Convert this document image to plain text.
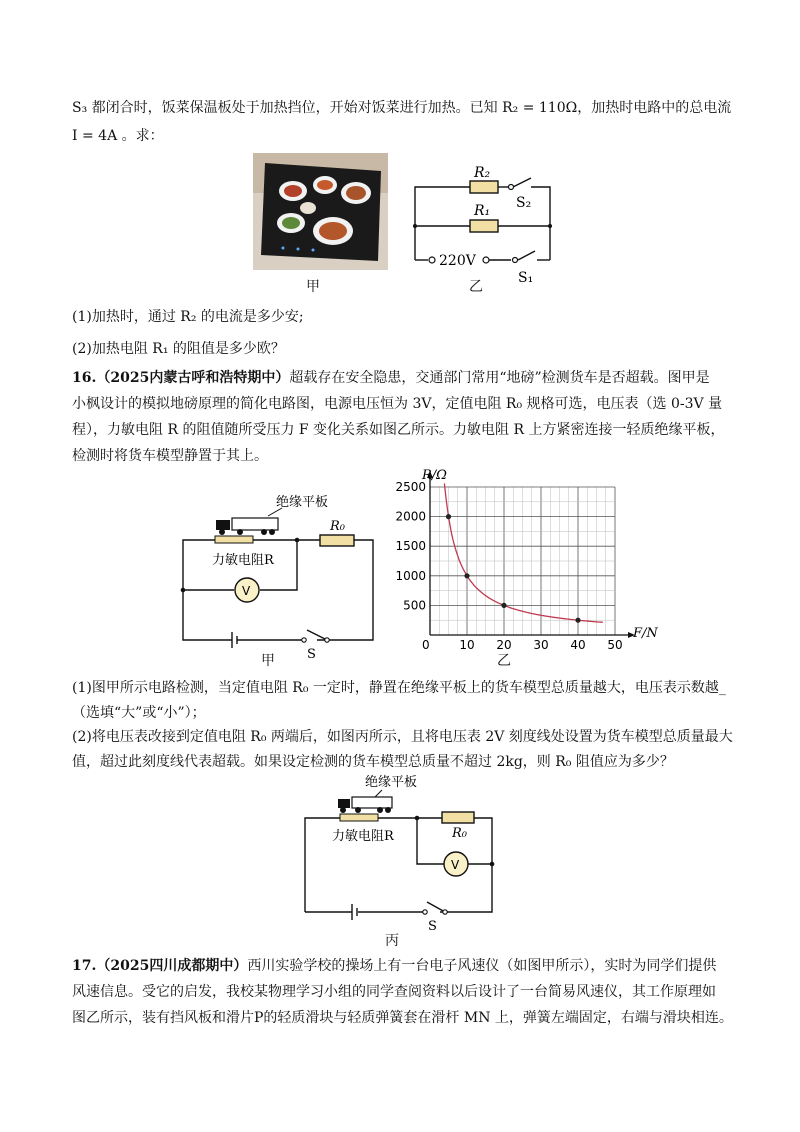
S₃ 都闭合时，饭菜保温板处于加热挡位，开始对饭菜进行加热。已知 R₂ = 110Ω，加热时电路中的总电流
I = 4A 。求：
甲
R₂
R₁ S₂
220V
S₁
乙
(1)加热时，通过 R₂ 的电流是多少安;
(2)加热电阻 R₁ 的阻值是多少欧？
16.（2025内蒙古呼和浩特期中）超载存在安全隐患，交通部门常用“地磅”检测货车是否超载。图甲是
小枫设计的模拟地磅原理的简化电路图，电源电压恒为 3V，定值电阻 R₀ 规格可选，电压表（选 0-3V 量
程），力敏电阻 R 的阻值随所受压力 F 变化关系如图乙所示。力敏电阻 R 上方紧密连接一轻质绝缘平板，
检测时将货车模型静置于其上。
绝缘平板
V
力敏电阻R
R₀
S
甲
10 20 30 40 50
500
1000
1500
2000
2500
0
F/N
R/Ω
乙
(1)图甲所示电路检测，当定值电阻 R₀ 一定时，静置在绝缘平板上的货车模型总质量越大，电压表示数越_
（选填“大”或“小”）；
(2)将电压表改接到定值电阻 R₀ 两端后，如图丙所示，且将电压表 2V 刻度线处设置为货车模型总质量最大
值，超过此刻度线代表超载。如果设定检测的货车模型总质量不超过 2kg，则 R₀ 阻值应为多少？
绝缘平板
V
力敏电阻R	R₀
S
丙
17.（2025四川成都期中）西川实验学校的操场上有一台电子风速仪（如图甲所示），实时为同学们提供
风速信息。受它的启发，我校某物理学习小组的同学查阅资料以后设计了一台简易风速仪，其工作原理如
图乙所示，装有挡风板和滑片P的轻质滑块与轻质弹簧套在滑杆 MN 上，弹簧左端固定，右端与滑块相连。
